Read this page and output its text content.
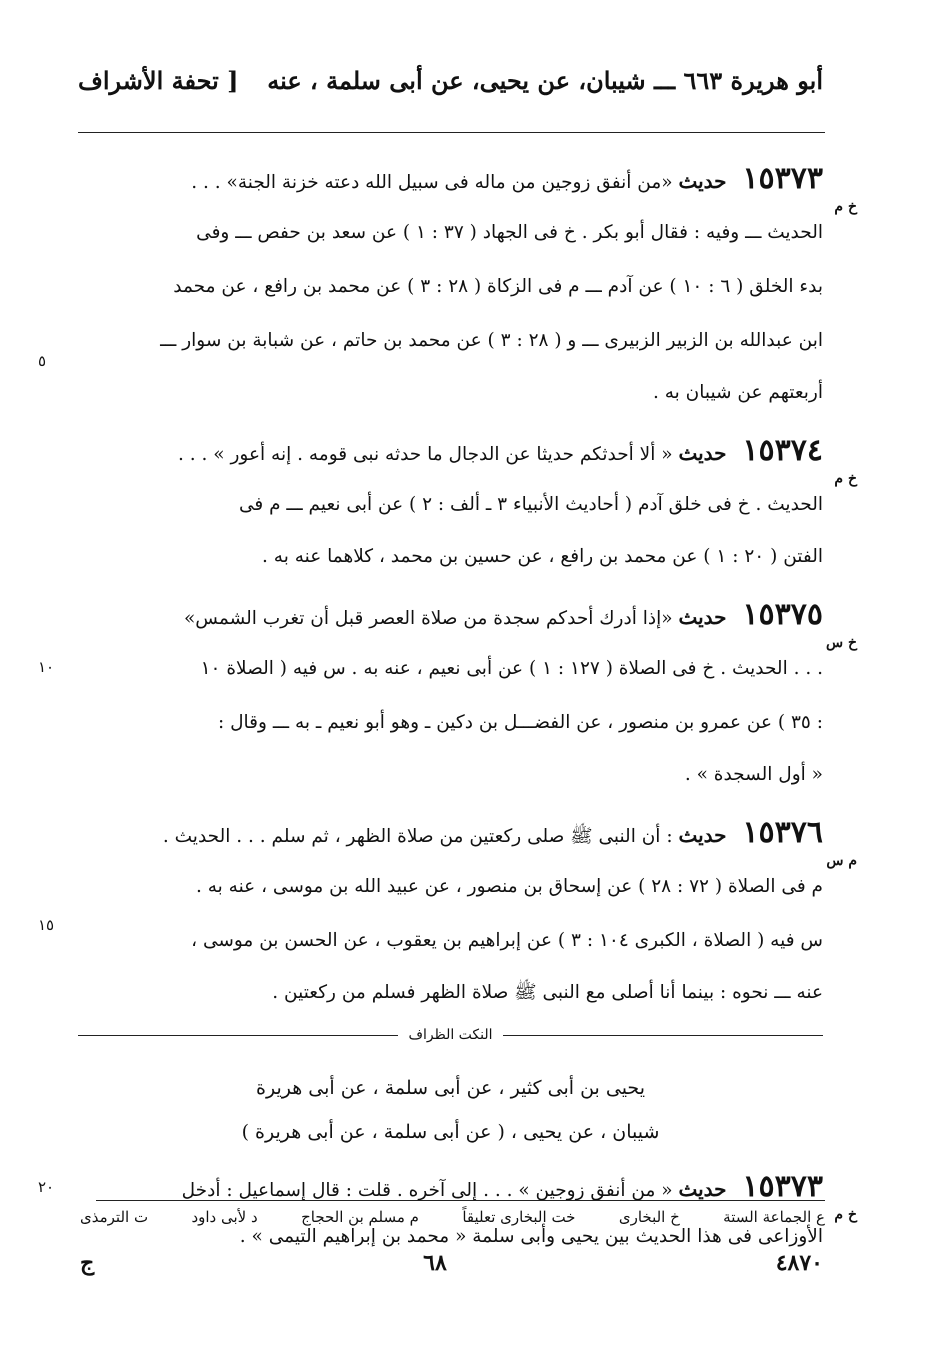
أبو هريرة ٦٦٣ ـــ شيبان، عن يحيى، عن أبى سلمة ، عنه
[ تحفة الأشراف
خ م
٥
١٥٣٧٣ حديث «من أنفق زوجين من ماله فى سبيل الله دعته خزنة الجنة» . . .
الحديث ـــ وفيه : فقال أبو بكر . خ فى الجهاد ( ٣٧ : ١ ) عن سعد بن حفص ـــ وفى
بدء الخلق ( ٦ : ١٠ ) عن آدم ـــ م فى الزكاة ( ٢٨ : ٣ ) عن محمد بن رافع ، عن محمد
ابن عبدالله بن الزبير الزبيرى ـــ و ( ٢٨ : ٣ ) عن محمد بن حاتم ، عن شبابة بن سوار ـــ
أربعتهم عن شيبان به .
خ م
١٥٣٧٤ حديث « ألا أحدثكم حديثا عن الدجال ما حدثه نبى قومه . إنه أعور » . . .
الحديث . خ فى خلق آدم ( أحاديث الأنبياء ٣ ـ ألف : ٢ ) عن أبى نعيم ـــ م فى
الفتن ( ٢٠ : ١ ) عن محمد بن رافع ، عن حسين بن محمد ، كلاهما عنه به .
خ س
١٠
١٥٣٧٥ حديث «إذا أدرك أحدكم سجدة من صلاة العصر قبل أن تغرب الشمس»
. . . الحديث . خ فى الصلاة ( ١٢٧ : ١ ) عن أبى نعيم ، عنه به . س فيه ( الصلاة ١٠
: ٣٥ ) عن عمرو بن منصور ، عن الفضـــل بن دكين ـ وهو أبو نعيم ـ به ـــ وقال :
« أول السجدة » .
م س
١٥
١٥٣٧٦ حديث : أن النبى ﷺ صلى ركعتين من صلاة الظهر ، ثم سلم . . . الحديث .
م فى الصلاة ( ٧٢ : ٢٨ ) عن إسحاق بن منصور ، عن عبيد الله بن موسى ، عنه به .
س فيه ( الصلاة ، الكبرى ١٠٤ : ٣ ) عن إبراهيم بن يعقوب ، عن الحسن بن موسى ،
عنه ـــ نحوه : بينما أنا أصلى مع النبى ﷺ صلاة الظهر فسلم من ركعتين .
النكت الظراف
يحيى بن أبى كثير ، عن أبى سلمة ، عن أبى هريرة
شيبان ، عن يحيى ، ( عن أبى سلمة ، عن أبى هريرة )
خ م
٢٠	١٥٣٧٣ حديث « من أنفق زوجين » . . . إلى آخره . قلت : قال إسماعيل : أدخل
الأوزاعى فى هذا الحديث بين يحيى وأبى سلمة « محمد بن إبراهيم التيمى » .
ع الجماعة الستة
خ البخارى
خت البخارى تعليقاً
م مسلم بن الحجاج
د لأبى داود
ت الترمذى
٤٨٧٠
٦٨
ج
